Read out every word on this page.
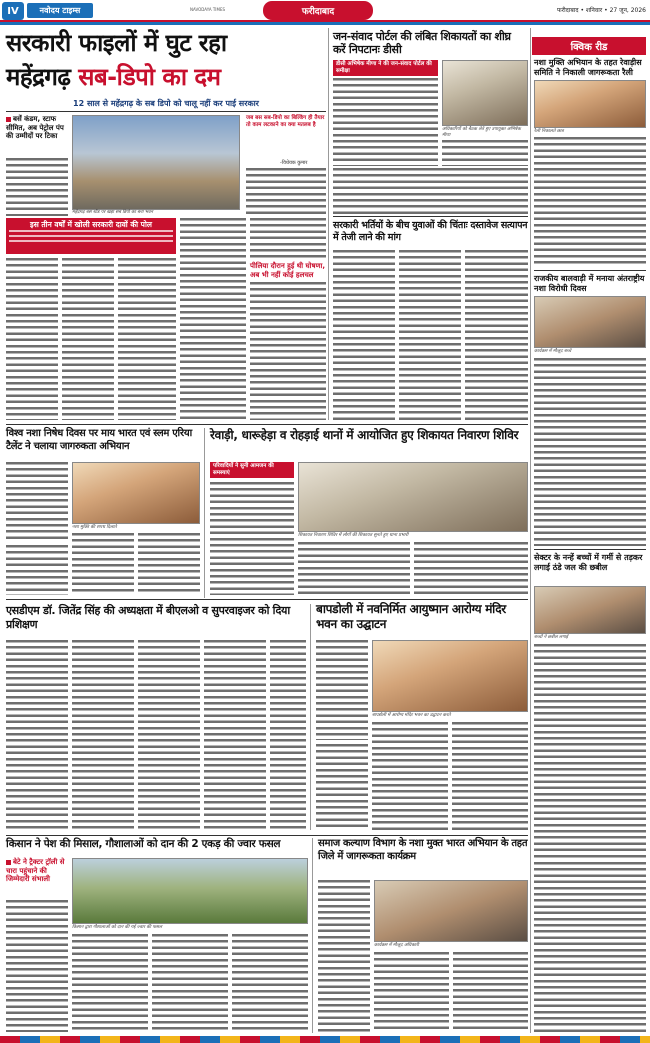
IV	नवोदय टाइम्स	NAVODAYA TIMES	फरीदाबाद	फरीदाबाद • शनिवार • 27 जून, 2026
सरकारी फाइलों में घुट रहा
महेंद्रगढ़ सब-डिपो का दम
12 साल से महेंद्रगढ़ के सब डिपो को चालू नहीं कर पाई सरकार
बसें कंडम, स्टाफ सीमित, अब पेट्रोल पंप की उम्मीदों पर टिका
महेंद्रगढ़ बस स्टैंड पर खड़ा सब डिपो का बना भवन
जब बस सब-डिपो का बिल्डिंग ही तैयार तो काम लटकाने का क्या मतलब है
-विधेयक कुमार
इस तीन वर्षों में खोली सरकारी दावों की पोल
पीलिया दौरान हुई थी घोषणा, अब भी नहीं कोई हलचल
जन-संवाद पोर्टल की लंबित शिकायतों का शीघ्र करें निपटानः डीसी
डीसी अभिषेक मीणा ने की जन-संवाद पोर्टल की समीक्षा
अधिकारियों को बैठक लेते हुए उपायुक्त अभिषेक मीणा
सरकारी भर्तियों के बीच युवाओं की चिंताः दस्तावेज सत्यापन में तेजी लाने की मांग
क्विक रीड
नशा मुक्ति अभियान के तहत रेवाड़ीस समिति ने निकाली जागरूकता रैली
रैली निकालते छात्र
राजकीय बालवाड़ी में मनाया अंतराष्ट्रीय नशा विरोधी दिवस
कार्यक्रम में मौजूद बच्चे
सेक्टर के नन्हें बच्चों में गर्मी से तड़कर लगाई ठंडे जल की छबील
बच्चों ने छबील लगाई
विश्व नशा निषेध दिवस पर माय भारत एवं स्लम एरिया टैलेंट ने चलाया जागरुकता अभियान
नशा मुक्ति की शपथ दिलाते
रेवाड़ी, धारूहेड़ा व रोहड़ाई थानों में आयोजित हुए शिकायत निवारण शिविर
परिवादियों ने सुनी आमजन की समस्याएं
शिकायत निवारण शिविर में लोगों की शिकायत सुनते हुए थाना प्रभारी
एसडीएम डॉ. जितेंद्र सिंह की अध्यक्षता में बीएलओ व सुपरवाइजर को दिया प्रशिक्षण
बापडोली में नवनिर्मित आयुष्मान आरोग्य मंदिर भवन का उद्घाटन
बापडोली में आरोग्य मंदिर भवन का उद्घाटन करते
किसान ने पेश की मिसाल, गौशालाओं को दान की 2 एकड़ की ज्वार फसल
बेटे ने ट्रैक्टर ट्रॉली से चारा पहुंचाने की जिम्मेदारी संभाली
किसान द्वारा गौशालाओं को दान की गई ज्वार की फसल
समाज कल्याण विभाग के नशा मुक्त भारत अभियान के तहत जिले में जागरूकता कार्यक्रम
कार्यक्रम में मौजूद अधिकारी
